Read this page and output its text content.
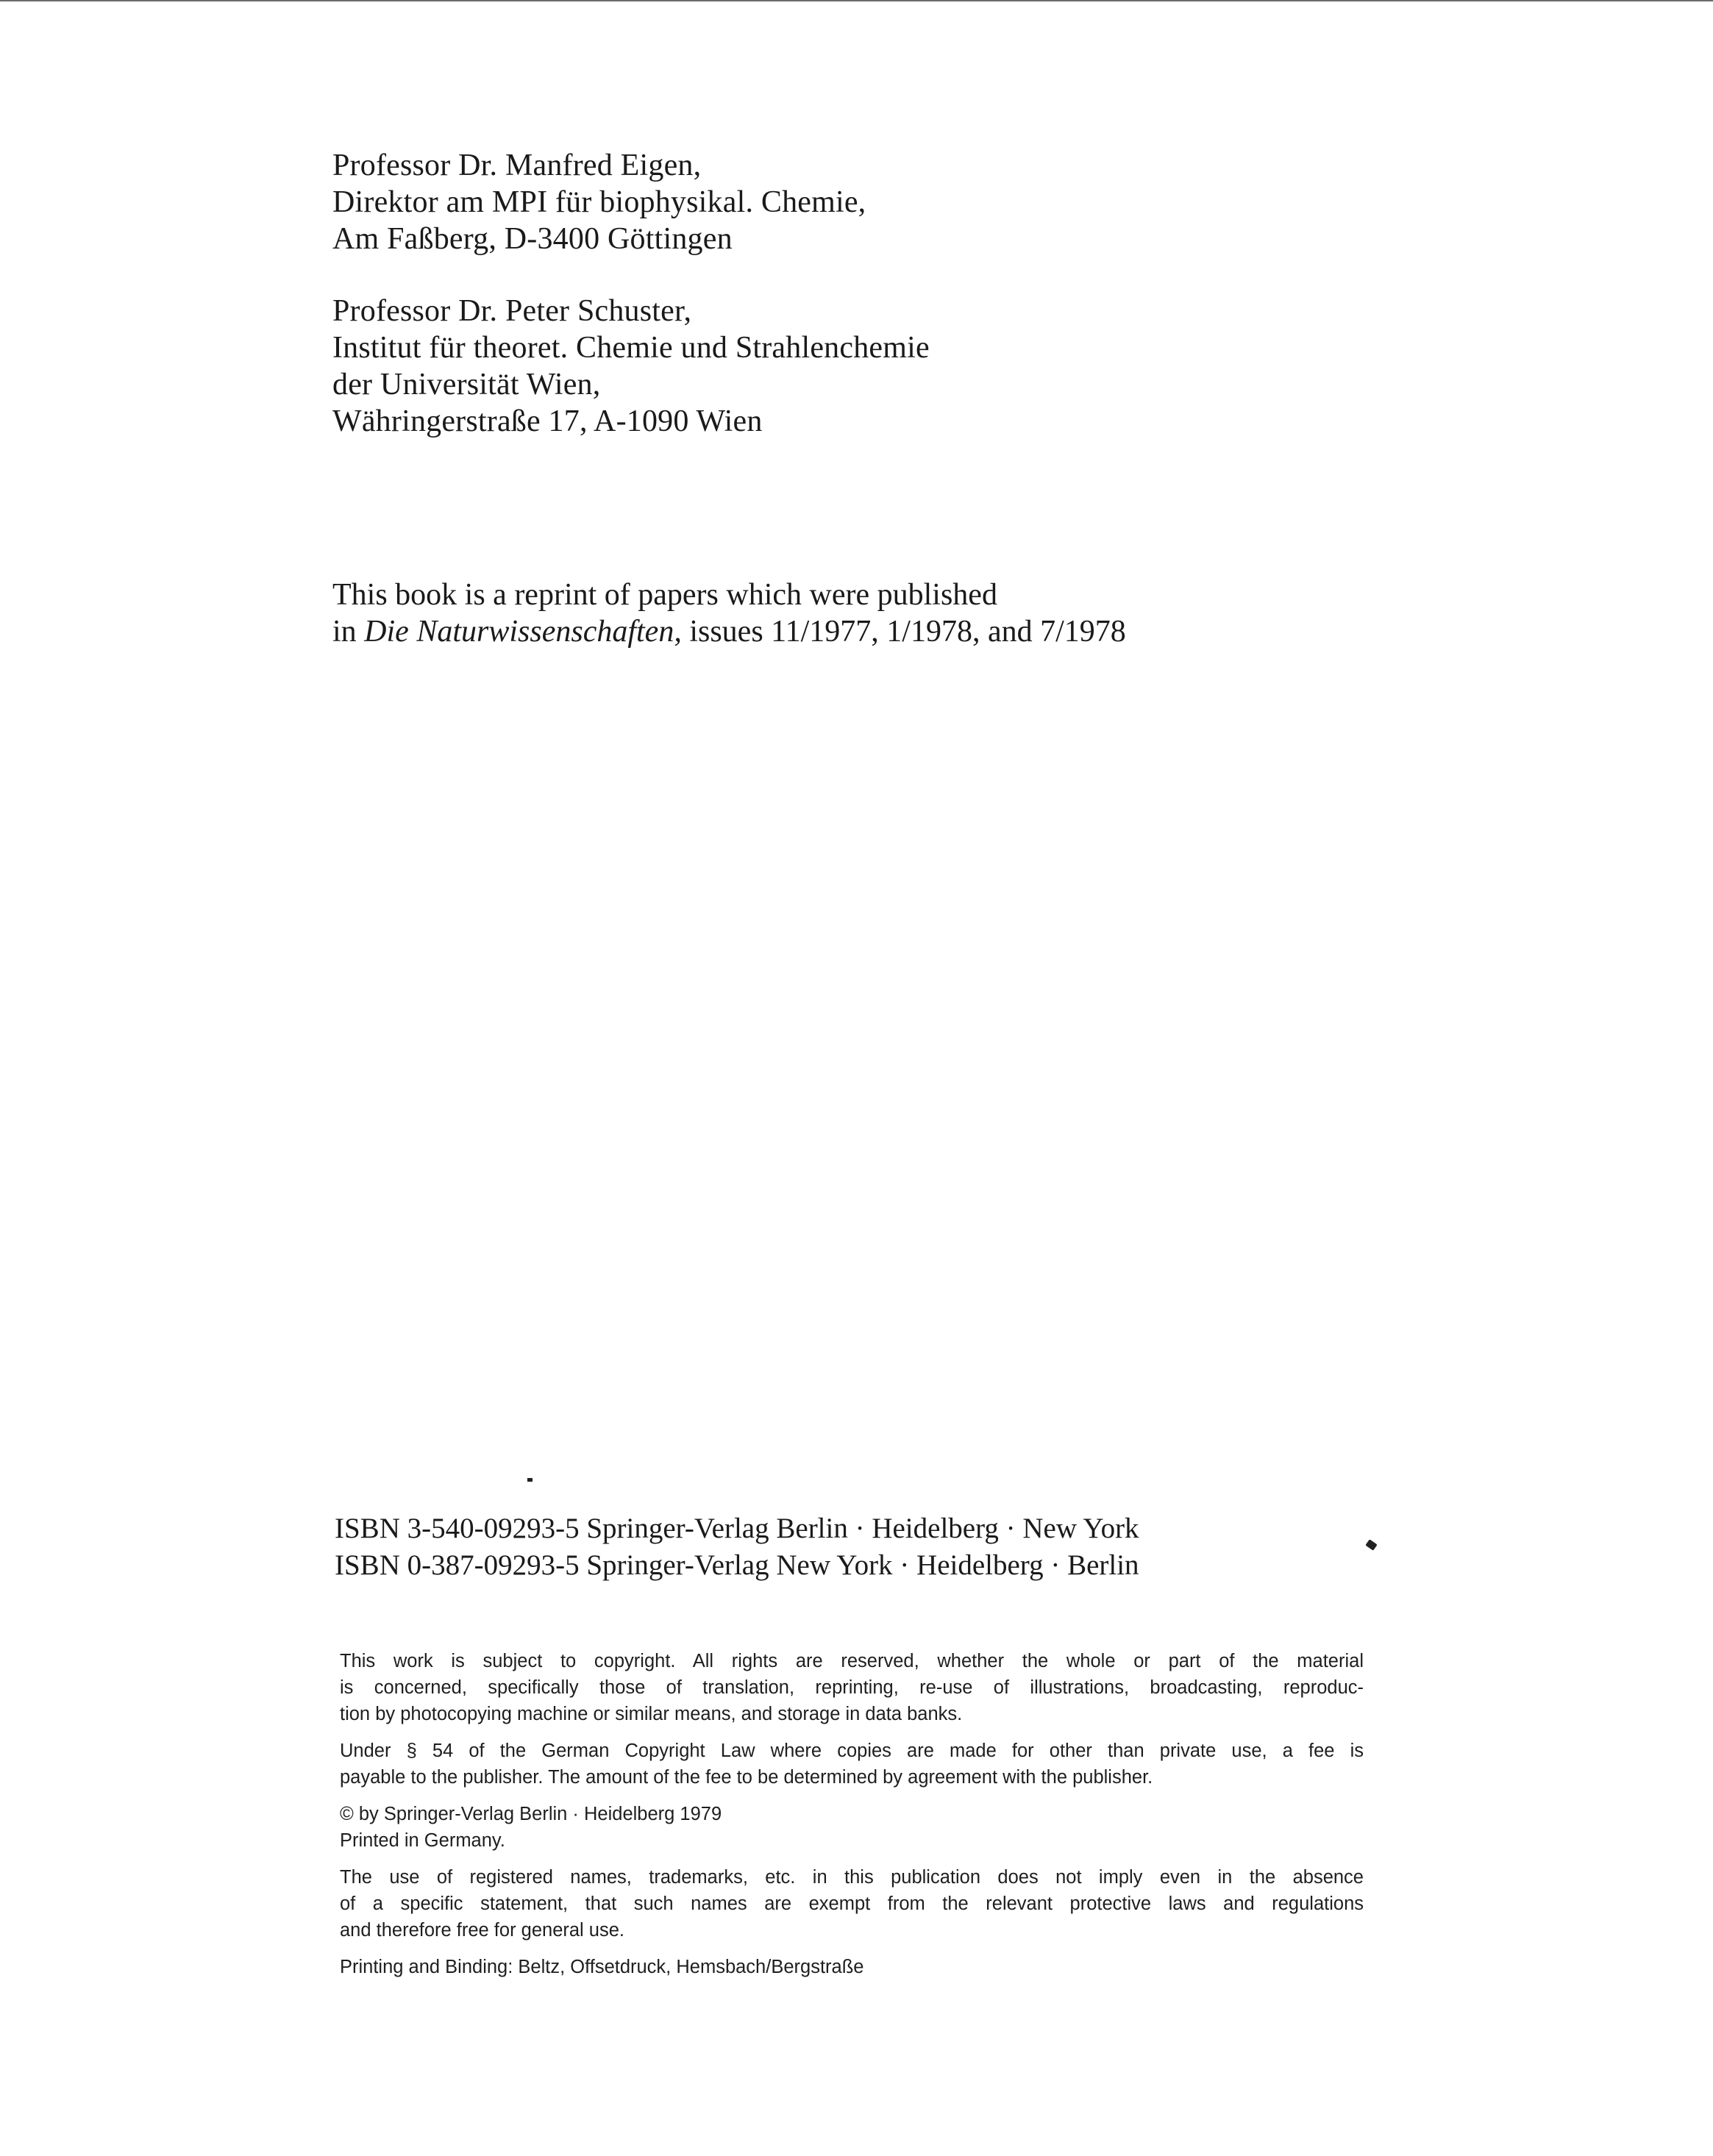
Professor Dr. Manfred Eigen,
Direktor am MPI für biophysikal. Chemie,
Am Faßberg, D-3400 Göttingen
Professor Dr. Peter Schuster,
Institut für theoret. Chemie und Strahlenchemie
der Universität Wien,
Währingerstraße 17, A-1090 Wien
This book is a reprint of papers which were published
in Die Naturwissenschaften, issues 11/1977, 1/1978, and 7/1978
ISBN 3-540-09293-5 Springer-Verlag Berlin · Heidelberg · New York
ISBN 0-387-09293-5 Springer-Verlag New York · Heidelberg · Berlin
This work is subject to copyright. All rights are reserved, whether the whole or part of the material
is concerned, specifically those of translation, reprinting, re-use of illustrations, broadcasting, reproduc-
tion by photocopying machine or similar means, and storage in data banks.
Under § 54 of the German Copyright Law where copies are made for other than private use, a fee is
payable to the publisher. The amount of the fee to be determined by agreement with the publisher.
© by Springer-Verlag Berlin · Heidelberg 1979
Printed in Germany.
The use of registered names, trademarks, etc. in this publication does not imply even in the absence
of a specific statement, that such names are exempt from the relevant protective laws and regulations
and therefore free for general use.
Printing and Binding: Beltz, Offsetdruck, Hemsbach/Bergstraße
